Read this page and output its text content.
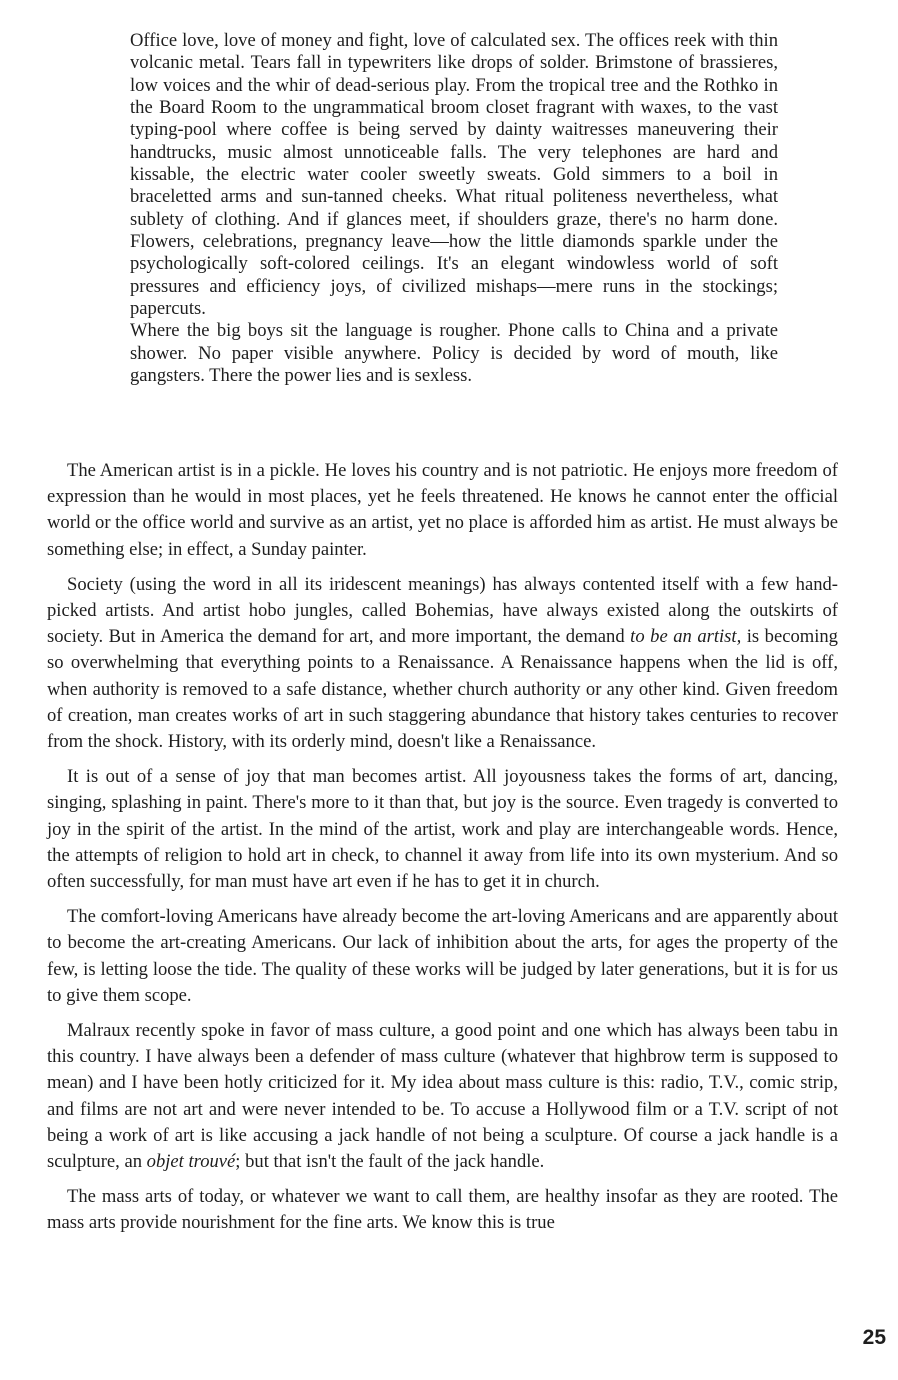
Office love, love of money and fight, love of calculated sex. The offices reek with thin volcanic metal. Tears fall in typewriters like drops of solder. Brimstone of brassieres, low voices and the whir of dead-serious play. From the tropical tree and the Rothko in the Board Room to the ungrammatical broom closet fragrant with waxes, to the vast typing-pool where coffee is being served by dainty waitresses maneuvering their handtrucks, music almost unnoticeable falls. The very telephones are hard and kissable, the electric water cooler sweetly sweats. Gold simmers to a boil in braceletted arms and sun-tanned cheeks. What ritual politeness nevertheless, what sublety of clothing. And if glances meet, if shoulders graze, there's no harm done. Flowers, celebrations, pregnancy leave—how the little diamonds sparkle under the psychologically soft-colored ceilings. It's an elegant windowless world of soft pressures and efficiency joys, of civilized mishaps—mere runs in the stockings; papercuts.

Where the big boys sit the language is rougher. Phone calls to China and a private shower. No paper visible anywhere. Policy is decided by word of mouth, like gangsters. There the power lies and is sexless.

The American artist is in a pickle. He loves his country and is not patriotic. He enjoys more freedom of expression than he would in most places, yet he feels threatened. He knows he cannot enter the official world or the office world and survive as an artist, yet no place is afforded him as artist. He must always be something else; in effect, a Sunday painter.

Society (using the word in all its iridescent meanings) has always contented itself with a few hand-picked artists. And artist hobo jungles, called Bohemias, have always existed along the outskirts of society. But in America the demand for art, and more important, the demand to be an artist, is becoming so overwhelming that everything points to a Renaissance. A Renaissance happens when the lid is off, when authority is removed to a safe distance, whether church authority or any other kind. Given freedom of creation, man creates works of art in such staggering abundance that history takes centuries to recover from the shock. History, with its orderly mind, doesn't like a Renaissance.

It is out of a sense of joy that man becomes artist. All joyousness takes the forms of art, dancing, singing, splashing in paint. There's more to it than that, but joy is the source. Even tragedy is converted to joy in the spirit of the artist. In the mind of the artist, work and play are interchangeable words. Hence, the attempts of religion to hold art in check, to channel it away from life into its own mysterium. And so often successfully, for man must have art even if he has to get it in church.

The comfort-loving Americans have already become the art-loving Americans and are apparently about to become the art-creating Americans. Our lack of inhibition about the arts, for ages the property of the few, is letting loose the tide. The quality of these works will be judged by later generations, but it is for us to give them scope.

Malraux recently spoke in favor of mass culture, a good point and one which has always been tabu in this country. I have always been a defender of mass culture (whatever that highbrow term is supposed to mean) and I have been hotly criticized for it. My idea about mass culture is this: radio, T.V., comic strip, and films are not art and were never intended to be. To accuse a Hollywood film or a T.V. script of not being a work of art is like accusing a jack handle of not being a sculpture. Of course a jack handle is a sculpture, an objet trouvé; but that isn't the fault of the jack handle.

The mass arts of today, or whatever we want to call them, are healthy insofar as they are rooted. The mass arts provide nourishment for the fine arts. We know this is true

25
